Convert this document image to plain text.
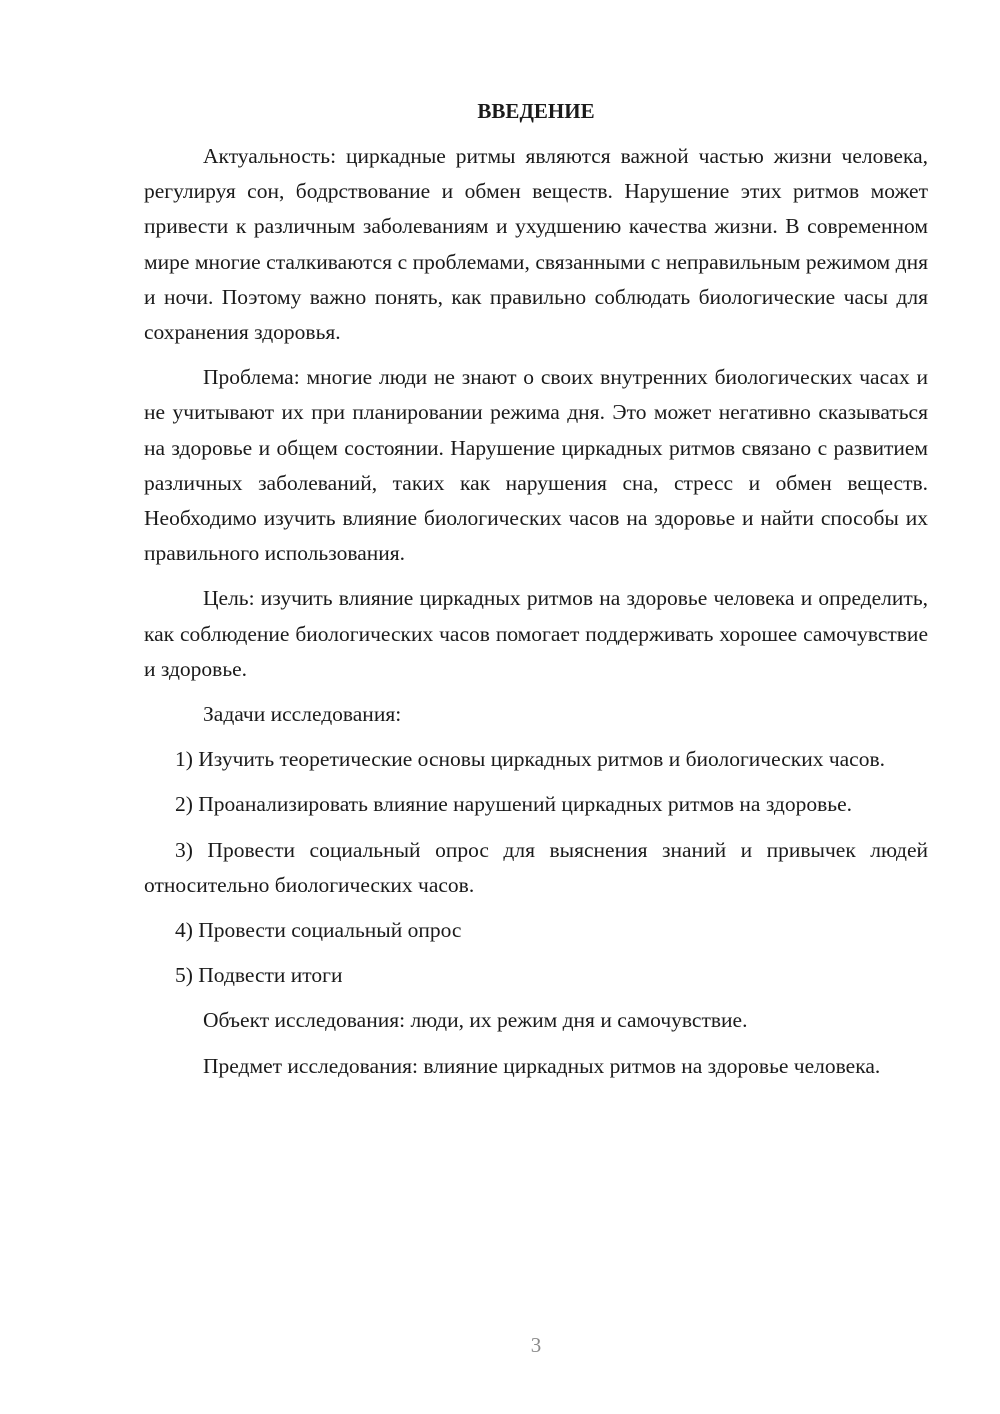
ВВЕДЕНИЕ

Актуальность: циркадные ритмы являются важной частью жизни человека, регулируя сон, бодрствование и обмен веществ. Нарушение этих ритмов может привести к различным заболеваниям и ухудшению качества жизни. В современном мире многие сталкиваются с проблемами, связанными с неправильным режимом дня и ночи. Поэтому важно понять, как правильно соблюдать биологические часы для сохранения здоровья.

Проблема: многие люди не знают о своих внутренних биологических часах и не учитывают их при планировании режима дня. Это может негативно сказываться на здоровье и общем состоянии. Нарушение циркадных ритмов связано с развитием различных заболеваний, таких как нарушения сна, стресс и обмен веществ. Необходимо изучить влияние биологических часов на здоровье и найти способы их правильного использования.

Цель: изучить влияние циркадных ритмов на здоровье человека и определить, как соблюдение биологических часов помогает поддерживать хорошее самочувствие и здоровье.

Задачи исследования:

1) Изучить теоретические основы циркадных ритмов и биологических часов.

2) Проанализировать влияние нарушений циркадных ритмов на здоровье.

3) Провести социальный опрос для выяснения знаний и привычек людей относительно биологических часов.

4) Провести социальный опрос

5) Подвести итоги

Объект исследования: люди, их режим дня и самочувствие.

Предмет исследования: влияние циркадных ритмов на здоровье человека.

3
